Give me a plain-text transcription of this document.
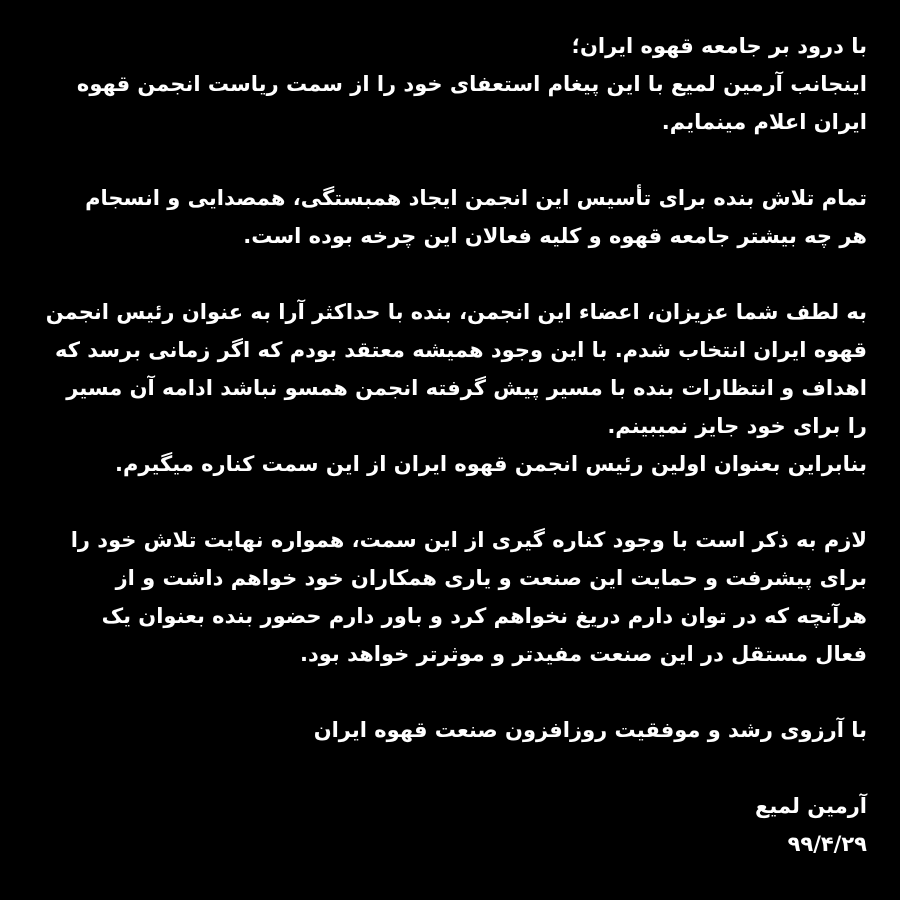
با درود بر جامعه قهوه ایران؛
اینجانب آرمین لمیع با این پیغام استعفای خود را از سمت ریاست انجمن قهوه
ایران اعلام مینمایم.
تمام تلاش بنده برای تأسیس این انجمن ایجاد همبستگی، همصدایی و انسجام
هر چه بیشتر جامعه قهوه و کلیه فعالان این چرخه بوده است.
به لطف شما عزیزان، اعضاء این انجمن، بنده با حداکثر آرا به عنوان رئیس انجمن
قهوه ایران انتخاب شدم. با این وجود همیشه معتقد بودم که اگر زمانی برسد که
اهداف و انتظارات بنده با مسیر پیش گرفته انجمن همسو نباشد ادامه آن مسیر
را برای خود جایز نمیبینم.
بنابراین بعنوان اولین رئیس انجمن قهوه ایران از این سمت کناره میگیرم.
لازم به ذکر است با وجود کناره گیری از این سمت، همواره نهایت تلاش خود را
برای پیشرفت و حمایت این صنعت و یاری همکاران خود خواهم داشت و از
هرآنچه که در توان دارم دریغ نخواهم کرد و باور دارم حضور بنده بعنوان یک
فعال مستقل در این صنعت مفیدتر و موثرتر خواهد بود.
با آرزوی رشد و موفقیت روزافزون صنعت قهوه ایران
آرمین لمیع
۹۹/۴/۲۹
